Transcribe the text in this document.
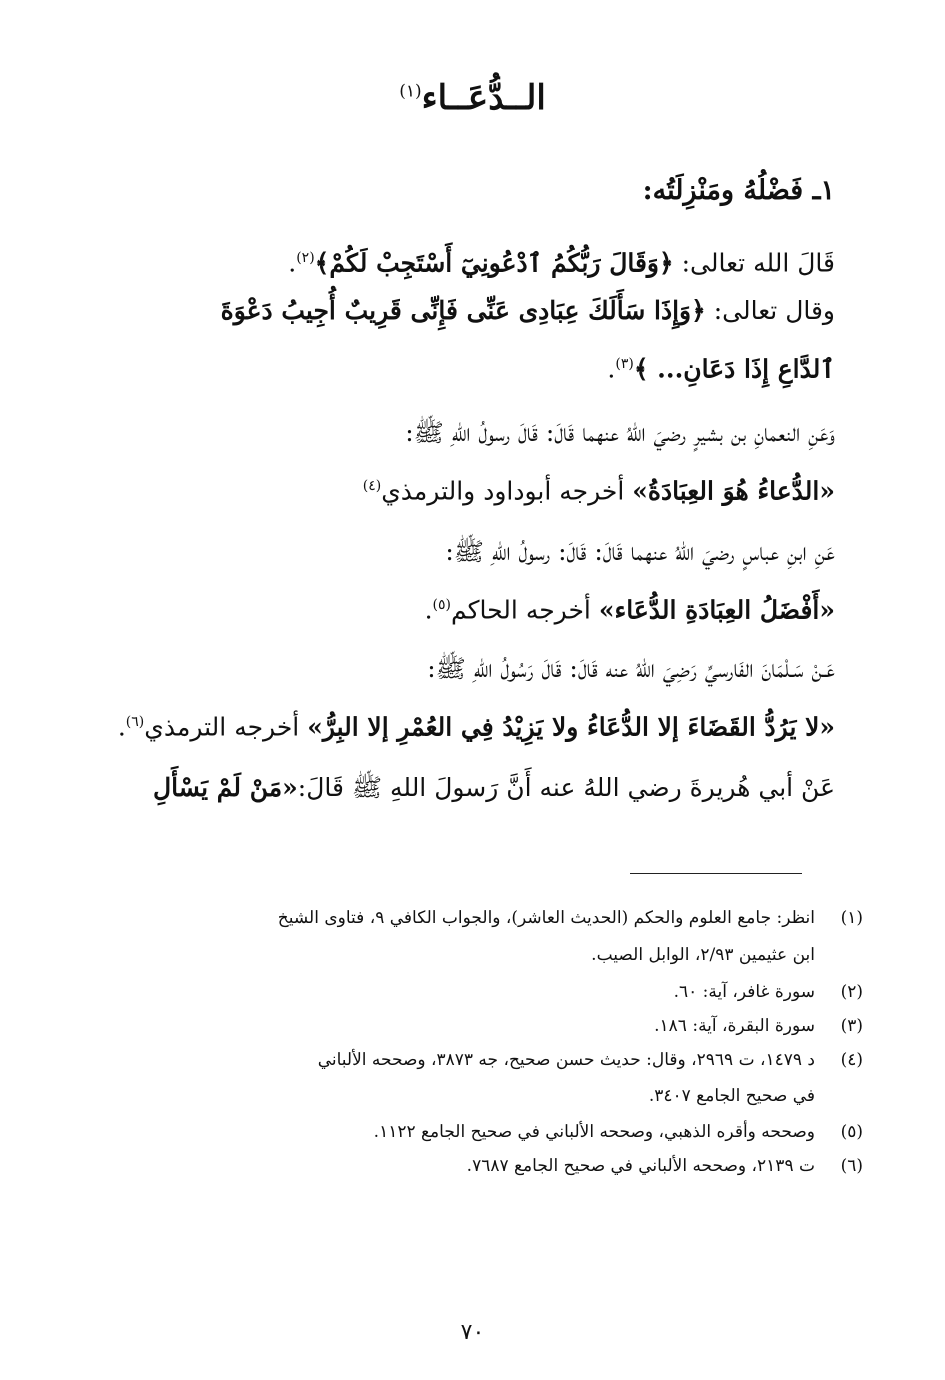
الــدُّعَــاء$^{(١)}$
١ـ فَضْلُهُ ومَنْزِلَتُه:
قَالَ الله تعالى: ﴿وَقَالَ رَبُّكُمُ ٱدْعُونِيٓ أَسْتَجِبْ لَكُمْ﴾$^{(٢)}$.
وقال تعالى: ﴿وَإِذَا سَأَلَكَ عِبَادِى عَنِّى فَإِنِّى قَرِيبٌ أُجِيبُ دَعْوَةَ
ٱلدَّاعِ إِذَا دَعَانِ... ﴾$^{(٣)}$.
وَعَنِ النعمانِ بن بشيرٍ رضيَ اللهُ عنهما قَالَ: قَالَ رسولُ اللهِ ﷺ:
«الدُّعاءُ هُوَ العِبَادَةُ» أخرجه أبوداود والترمذي$^{(٤)}$
عَنِ ابنِ عباسٍ رضيَ اللهُ عنهما قَالَ: قَالَ: رسولُ اللهِ ﷺ:
«أَفْضَلُ العِبَادَةِ الدُّعَاء» أخرجه الحاكم$^{(٥)}$.
عَـنْ سَـلْمَانَ الفَارسيِّ رَضِيَ اللهُ عنه قَالَ: قَالَ رَسُولُ اللهِ ﷺ:
«لا يَرُدُّ القَضَاءَ إلا الدُّعَاءُ ولا يَزِيْدُ فِي العُمْرِ إلا البِرُّ» أخرجه الترمذي$^{(٦)}$.
عَنْ أبي هُريرةَ رضي اللهُ عنه أَنَّ رَسولَ اللهِ ﷺ قَالَ:«مَنْ لَمْ يَسْأَلِ
(١)
انظر: جامع العلوم والحكم (الحديث العاشر)، والجواب الكافي ٩، فتاوى الشيخ
ابن عثيمين ٢/٩٣، الوابل الصيب.
(٢)
سورة غافر، آية: ٦٠.
(٣)
سورة البقرة، آية: ١٨٦.
(٤)
د ١٤٧٩، ت ٢٩٦٩، وقال: حديث حسن صحيح، جه ٣٨٧٣، وصححه الألباني
في صحيح الجامع ٣٤٠٧.
(٥)
وصححه وأقره الذهبي، وصححه الألباني في صحيح الجامع ١١٢٢.
(٦)
ت ٢١٣٩، وصححه الألباني في صحيح الجامع ٧٦٨٧.
٧٠
